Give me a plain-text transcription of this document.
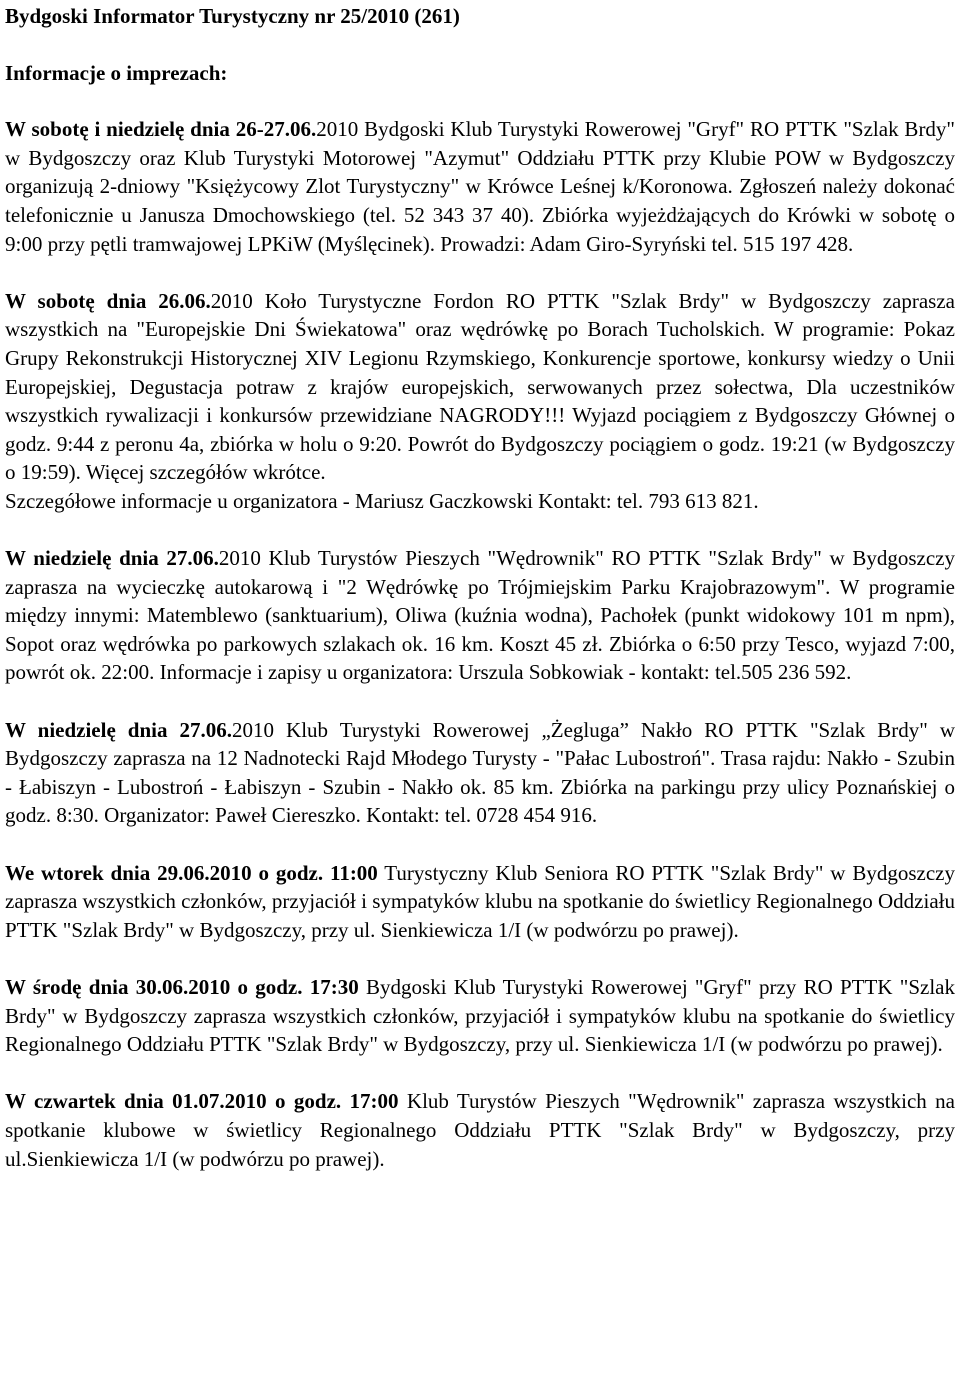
Bydgoski Informator Turystyczny nr 25/2010 (261)

Informacje o imprezach:

W sobotę i niedzielę dnia 26-27.06.2010 Bydgoski Klub Turystyki Rowerowej "Gryf" RO PTTK "Szlak Brdy" w Bydgoszczy oraz Klub Turystyki Motorowej "Azymut" Oddziału PTTK przy Klubie POW w Bydgoszczy organizują 2-dniowy "Księżycowy Zlot Turystyczny" w Krówce Leśnej k/Koronowa. Zgłoszeń należy dokonać telefonicznie u Janusza Dmochowskiego (tel. 52 343 37 40). Zbiórka wyjeżdżających do Krówki w sobotę o 9:00 przy pętli tramwajowej LPKiW (Myślęcinek). Prowadzi: Adam Giro-Syryński tel. 515 197 428.

W sobotę dnia 26.06.2010 Koło Turystyczne Fordon RO PTTK "Szlak Brdy" w Bydgoszczy zaprasza wszystkich na "Europejskie Dni Świekatowa" oraz wędrówkę po Borach Tucholskich. W programie: Pokaz Grupy Rekonstrukcji Historycznej XIV Legionu Rzymskiego, Konkurencje sportowe, konkursy wiedzy o Unii Europejskiej, Degustacja potraw z krajów europejskich, serwowanych przez sołectwa, Dla uczestników wszystkich rywalizacji i konkursów przewidziane NAGRODY!!! Wyjazd pociągiem z Bydgoszczy Głównej o godz. 9:44 z peronu 4a, zbiórka w holu o 9:20. Powrót do Bydgoszczy pociągiem o godz. 19:21 (w Bydgoszczy o 19:59). Więcej szczegółów wkrótce.

Szczegółowe informacje u organizatora - Mariusz Gaczkowski Kontakt: tel. 793 613 821.

W niedzielę dnia 27.06.2010 Klub Turystów Pieszych "Wędrownik" RO PTTK "Szlak Brdy" w Bydgoszczy zaprasza na wycieczkę autokarową i "2 Wędrówkę po Trójmiejskim Parku Krajobrazowym". W programie między innymi: Matemblewo (sanktuarium), Oliwa (kuźnia wodna), Pachołek (punkt widokowy 101 m npm), Sopot oraz wędrówka po parkowych szlakach ok. 16 km. Koszt 45 zł. Zbiórka o 6:50 przy Tesco, wyjazd 7:00, powrót ok. 22:00. Informacje i zapisy u organizatora: Urszula Sobkowiak - kontakt: tel.505 236 592.

W niedzielę dnia 27.06.2010 Klub Turystyki Rowerowej „Żegluga” Nakło RO PTTK "Szlak Brdy" w Bydgoszczy zaprasza na 12 Nadnotecki Rajd Młodego Turysty - "Pałac Lubostroń". Trasa rajdu: Nakło - Szubin - Łabiszyn - Lubostroń - Łabiszyn - Szubin - Nakło ok. 85 km. Zbiórka na parkingu przy ulicy Poznańskiej o godz. 8:30. Organizator: Paweł Ciereszko. Kontakt: tel. 0728 454 916.

We wtorek dnia 29.06.2010 o godz. 11:00 Turystyczny Klub Seniora RO PTTK "Szlak Brdy" w Bydgoszczy zaprasza wszystkich członków, przyjaciół i sympatyków klubu na spotkanie do świetlicy Regionalnego Oddziału PTTK "Szlak Brdy" w Bydgoszczy, przy ul. Sienkiewicza 1/I (w podwórzu po prawej).

W środę dnia 30.06.2010 o godz. 17:30 Bydgoski Klub Turystyki Rowerowej "Gryf" przy RO PTTK "Szlak Brdy" w Bydgoszczy zaprasza wszystkich członków, przyjaciół i sympatyków klubu na spotkanie do świetlicy Regionalnego Oddziału PTTK "Szlak Brdy" w Bydgoszczy, przy ul. Sienkiewicza 1/I (w podwórzu po prawej).

W czwartek dnia 01.07.2010 o godz. 17:00 Klub Turystów Pieszych "Wędrownik" zaprasza wszystkich na spotkanie klubowe w świetlicy Regionalnego Oddziału PTTK "Szlak Brdy" w Bydgoszczy, przy ul.Sienkiewicza 1/I (w podwórzu po prawej).
